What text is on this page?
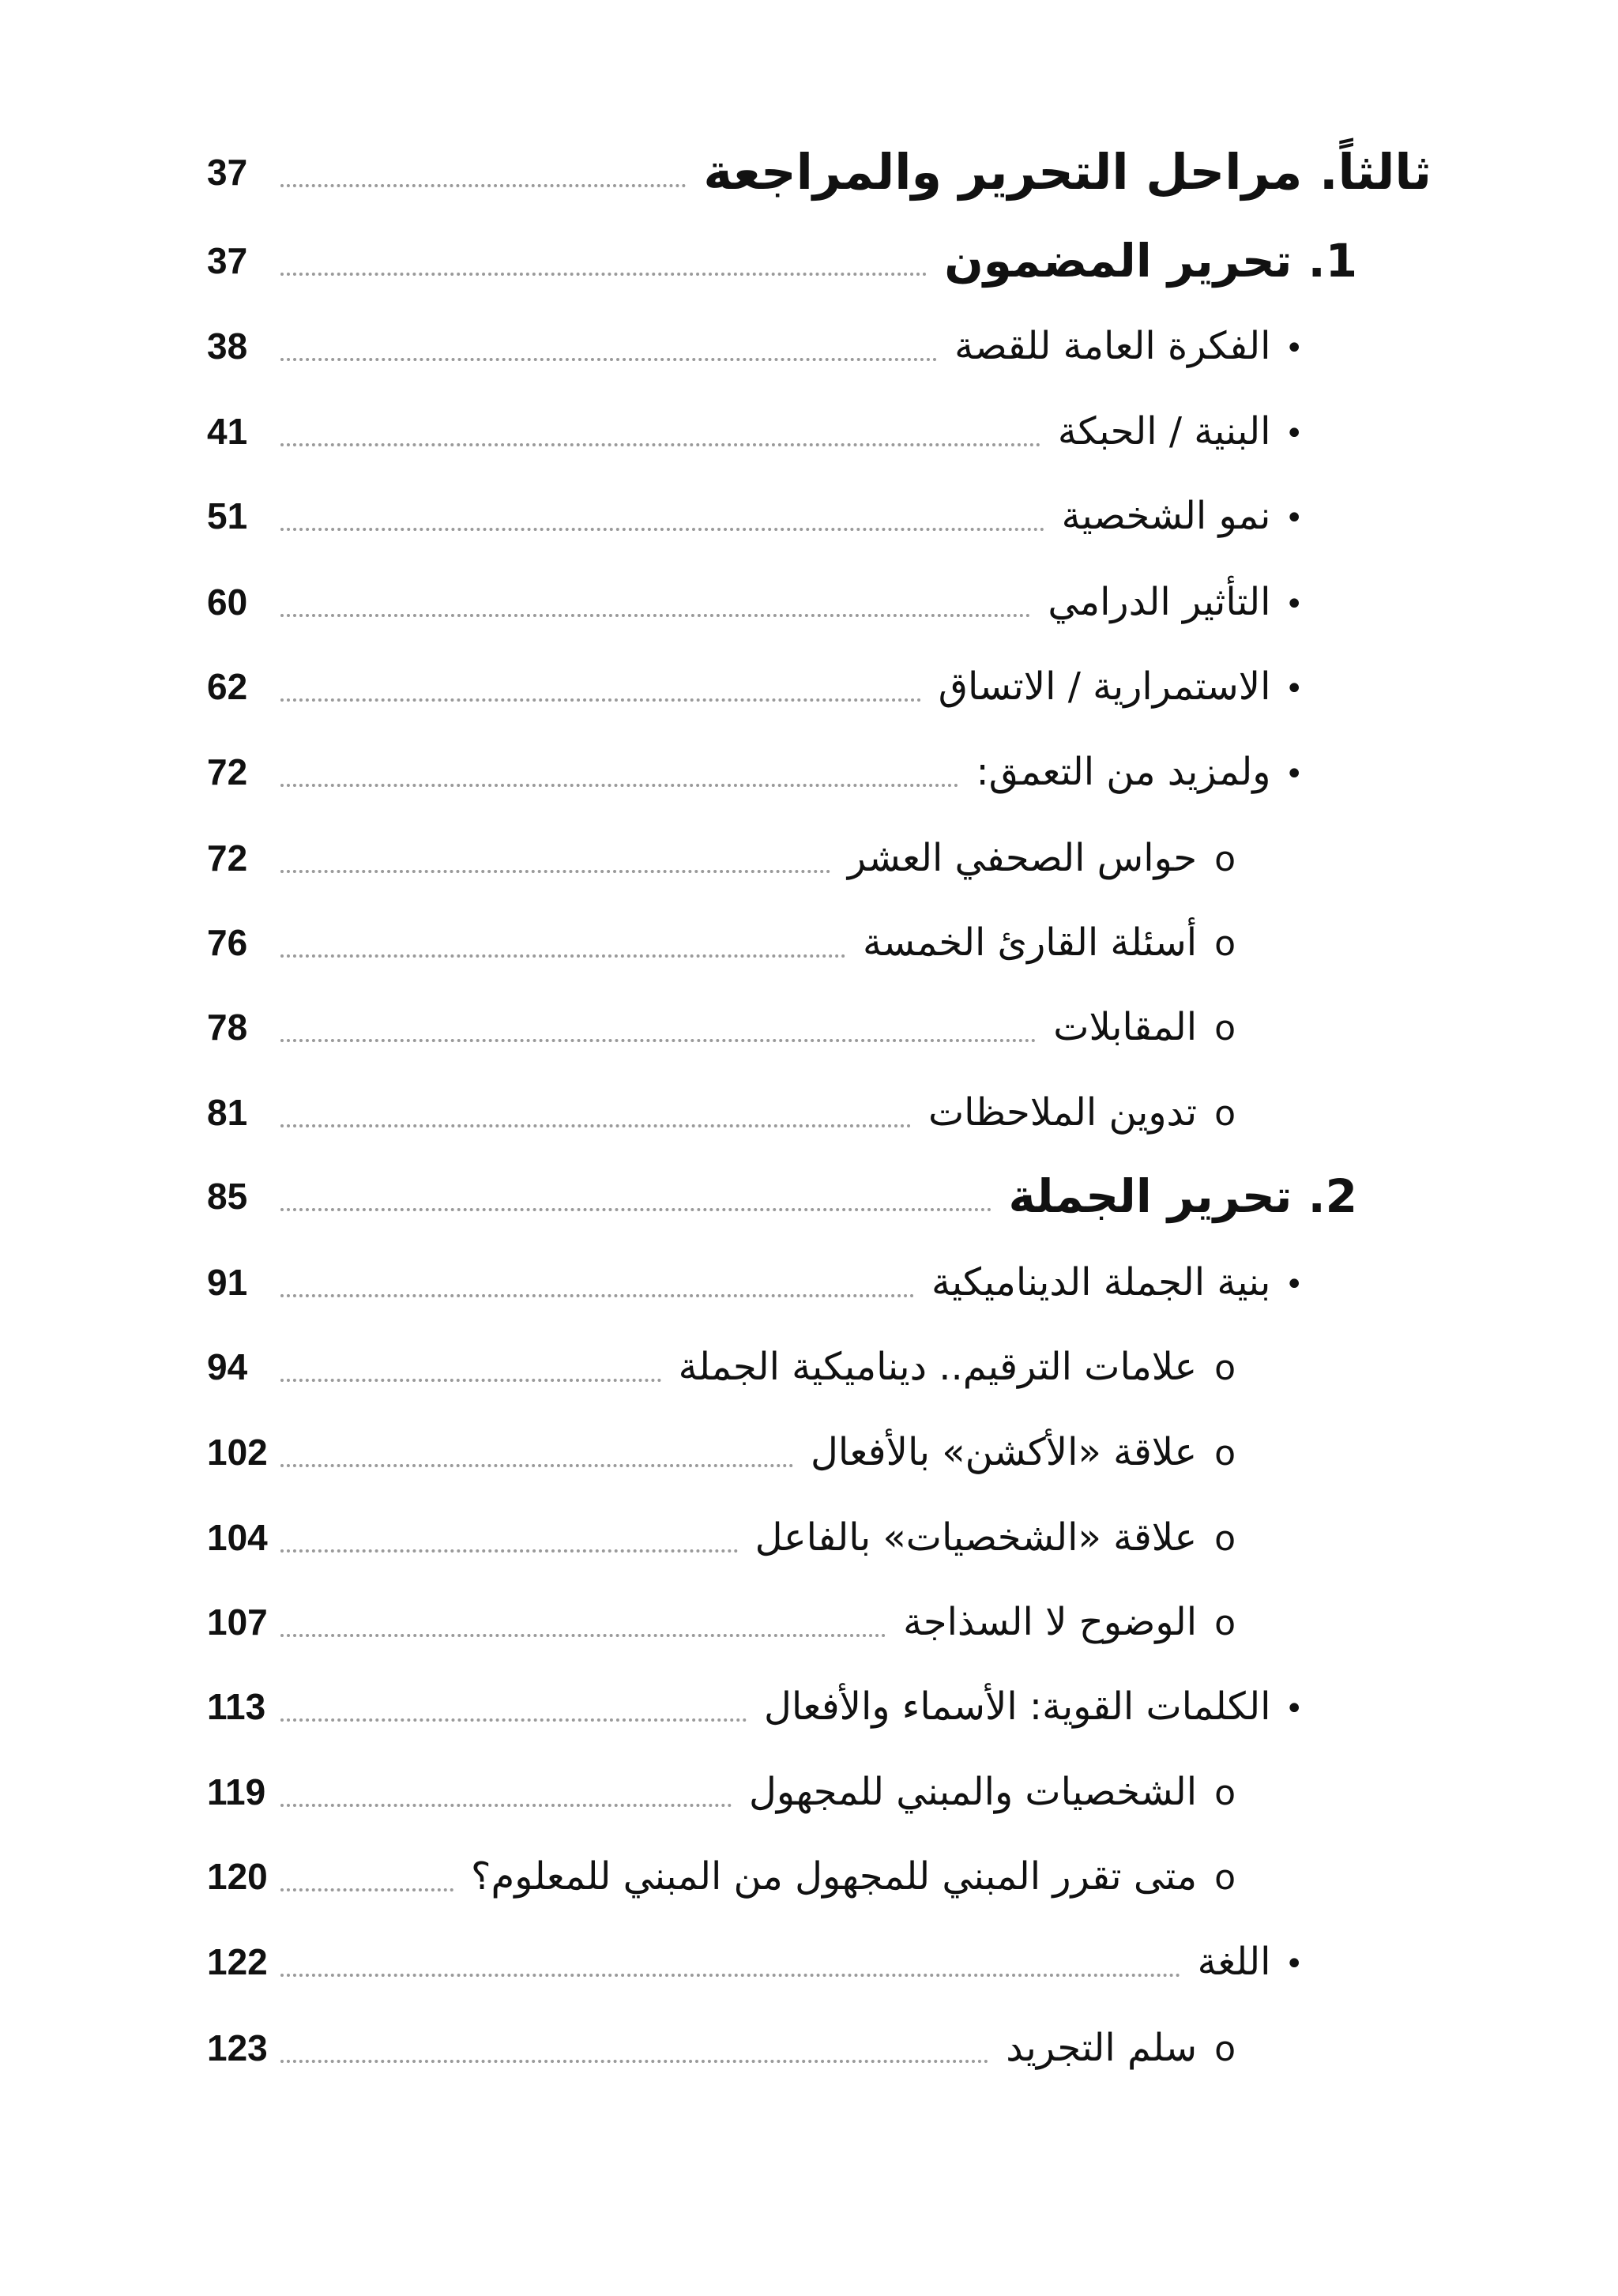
37	ثالثاً. مراحل التحرير والمراجعة
37	1. تحرير المضمون
38	•الفكرة العامة للقصة
41	•البنية / الحبكة
51	•نمو الشخصية
60	•التأثير الدرامي
62	•الاستمرارية / الاتساق
72	•ولمزيد من التعمق:
72	oحواس الصحفي العشر
76	oأسئلة القارئ الخمسة
78	oالمقابلات
81	oتدوين الملاحظات
85	2. تحرير الجملة
91	•بنية الجملة الديناميكية
94	oعلامات الترقيم.. ديناميكية الجملة
102	oعلاقة «الأكشن» بالأفعال
104	oعلاقة «الشخصيات» بالفاعل
107	oالوضوح لا السذاجة
113	•الكلمات القوية: الأسماء والأفعال
119	oالشخصيات والمبني للمجهول
120	oمتى تقرر المبني للمجهول من المبني للمعلوم؟
122	•اللغة
123	oسلم التجريد
